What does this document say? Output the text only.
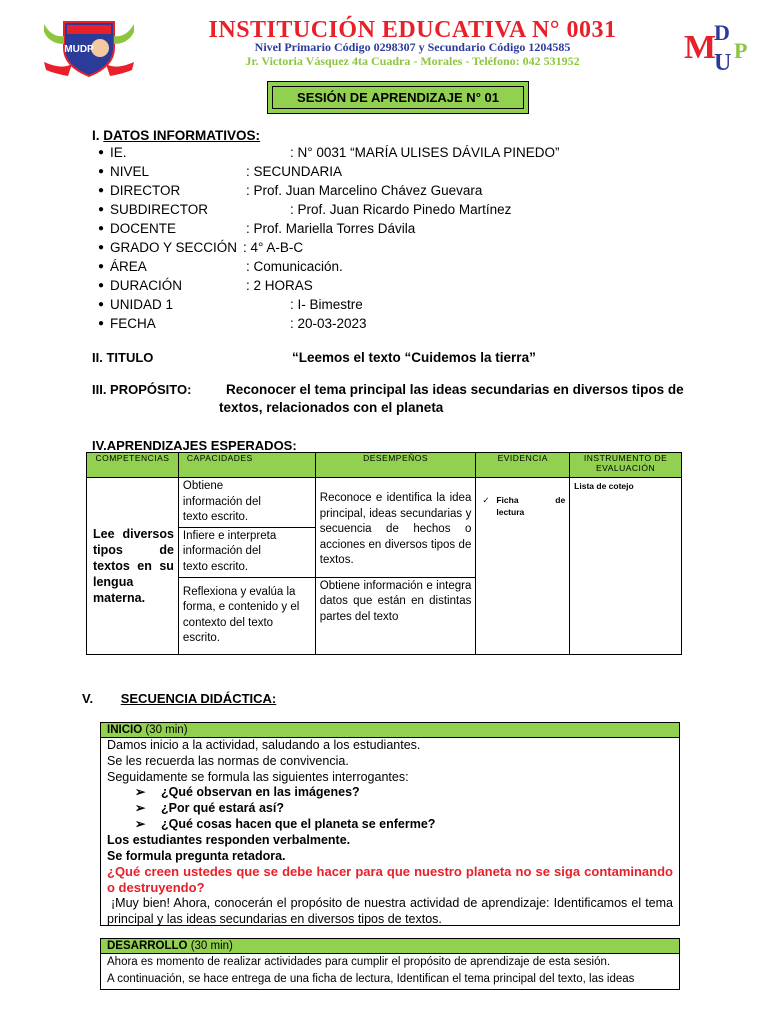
MUDP
INSTITUCIÓN EDUCATIVA N° 0031
Nivel Primario Código 0298307 y Secundario Código 1204585
Jr. Victoria Vásquez 4ta Cuadra - Morales - Teléfono: 042 531952	M
D
U P
SESIÓN DE APRENDIZAJE N° 01
I. DATOS INFORMATIVOS:
● IE.	: N° 0031 “MARÍA ULISES DÁVILA PINEDO”
● NIVEL	: SECUNDARIA
● DIRECTOR	: Prof. Juan Marcelino Chávez Guevara
● SUBDIRECTOR	: Prof. Juan Ricardo Pinedo Martínez
● DOCENTE	: Prof. Mariella Torres Dávila
● GRADO Y SECCIÓN : 4° A-B-C
● ÁREA	: Comunicación.
● DURACIÓN	: 2 HORAS
● UNIDAD 1	: I- Bimestre
● FECHA	: 20-03-2023
II. TITULO	“Leemos el texto “Cuidemos la tierra”
III. PROPÓSITO:	Reconocer el tema principal las ideas secundarias en diversos tipos de
textos, relacionados con el planeta
IV.APRENDIZAJES ESPERADOS:
COMPETENCIAS	CAPACIDADES	DESEMPEÑOS	EVIDENCIA	INSTRUMENTO DE EVALUACIÓN

Lee diversos tipos de textos en su lengua materna.	Obtiene información del texto escrito.	Reconoce e identifica la idea principal, ideas secundarias y secuencia de hechos o acciones en diversos tipos de textos.	✓ Ficha de lectura	Lista de cotejo

	Infiere e interpreta información del texto escrito.			

	Reflexiona y evalúa la forma, e contenido y el contexto del texto escrito.	Obtiene información e integra datos que están en distintas partes del texto		
V. SECUENCIA DIDÁCTICA:
INICIO (30 min)
Damos inicio a la actividad, saludando a los estudiantes.
Se les recuerda las normas de convivencia.
Seguidamente se formula las siguientes interrogantes:
➢ ¿Qué observan en las imágenes?
➢ ¿Por qué estará así?
➢ ¿Qué cosas hacen que el planeta se enferme?
Los estudiantes responden verbalmente.
Se formula pregunta retadora.
¿Qué creen ustedes que se debe hacer para que nuestro planeta no se siga contaminando o destruyendo?
¡Muy bien! Ahora, conocerán el propósito de nuestra actividad de aprendizaje: Identificamos el tema principal y las ideas secundarias en diversos tipos de textos.
DESARROLLO (30 min)
Ahora es momento de realizar actividades para cumplir el propósito de aprendizaje de esta sesión.
A continuación, se hace entrega de una ficha de lectura, Identifican el tema principal del texto, las ideas
